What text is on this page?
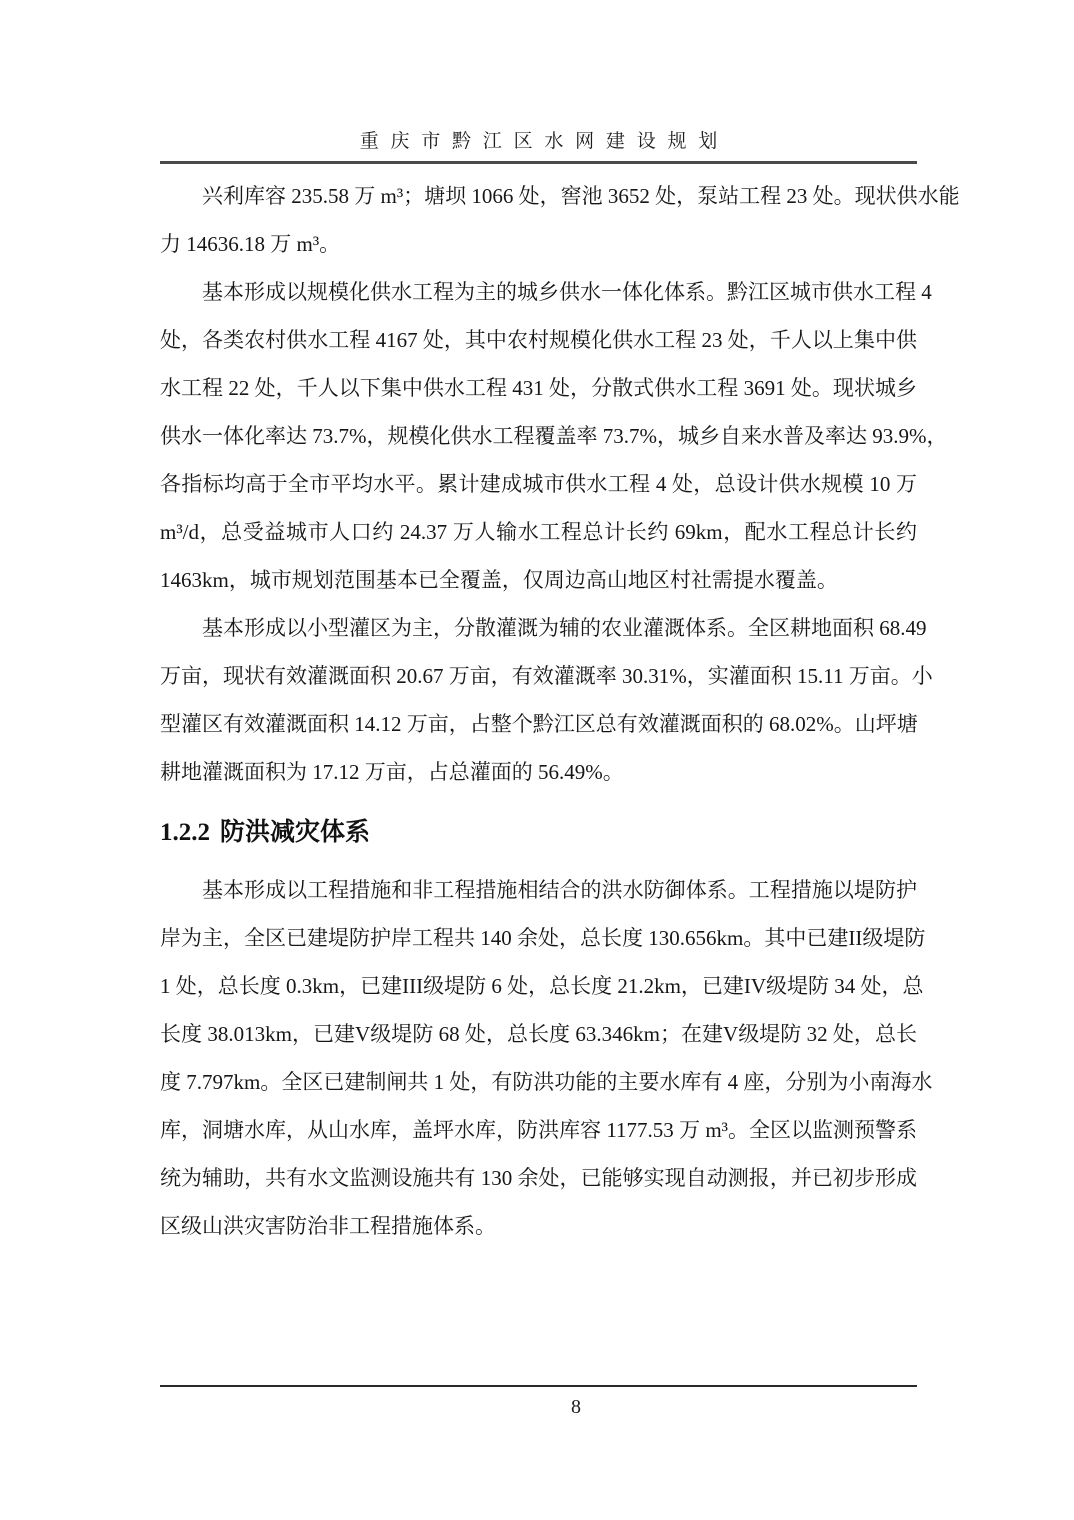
重庆市黔江区水网建设规划
兴利库容 235.58 万 m³；塘坝 1066 处，窖池 3652 处，泵站工程 23 处。现状供水能
力 14636.18 万 m³。
基本形成以规模化供水工程为主的城乡供水一体化体系。黔江区城市供水工程 4
处，各类农村供水工程 4167 处，其中农村规模化供水工程 23 处，千人以上集中供
水工程 22 处，千人以下集中供水工程 431 处，分散式供水工程 3691 处。现状城乡
供水一体化率达 73.7%，规模化供水工程覆盖率 73.7%，城乡自来水普及率达 93.9%，
各指标均高于全市平均水平。累计建成城市供水工程 4 处，总设计供水规模 10 万
m³/d，总受益城市人口约 24.37 万人输水工程总计长约 69km，配水工程总计长约
1463km，城市规划范围基本已全覆盖，仅周边高山地区村社需提水覆盖。
基本形成以小型灌区为主，分散灌溉为辅的农业灌溉体系。全区耕地面积 68.49
万亩，现状有效灌溉面积 20.67 万亩，有效灌溉率 30.31%，实灌面积 15.11 万亩。小
型灌区有效灌溉面积 14.12 万亩，占整个黔江区总有效灌溉面积的 68.02%。山坪塘
耕地灌溉面积为 17.12 万亩，占总灌面的 56.49%。
1.2.2 防洪减灾体系
基本形成以工程措施和非工程措施相结合的洪水防御体系。工程措施以堤防护
岸为主，全区已建堤防护岸工程共 140 余处，总长度 130.656km。其中已建II级堤防
1 处，总长度 0.3km，已建III级堤防 6 处，总长度 21.2km，已建IV级堤防 34 处，总
长度 38.013km，已建V级堤防 68 处，总长度 63.346km；在建V级堤防 32 处，总长
度 7.797km。全区已建制闸共 1 处，有防洪功能的主要水库有 4 座，分别为小南海水
库，洞塘水库，从山水库，盖坪水库，防洪库容 1177.53 万 m³。全区以监测预警系
统为辅助，共有水文监测设施共有 130 余处，已能够实现自动测报，并已初步形成
区级山洪灾害防治非工程措施体系。
8
